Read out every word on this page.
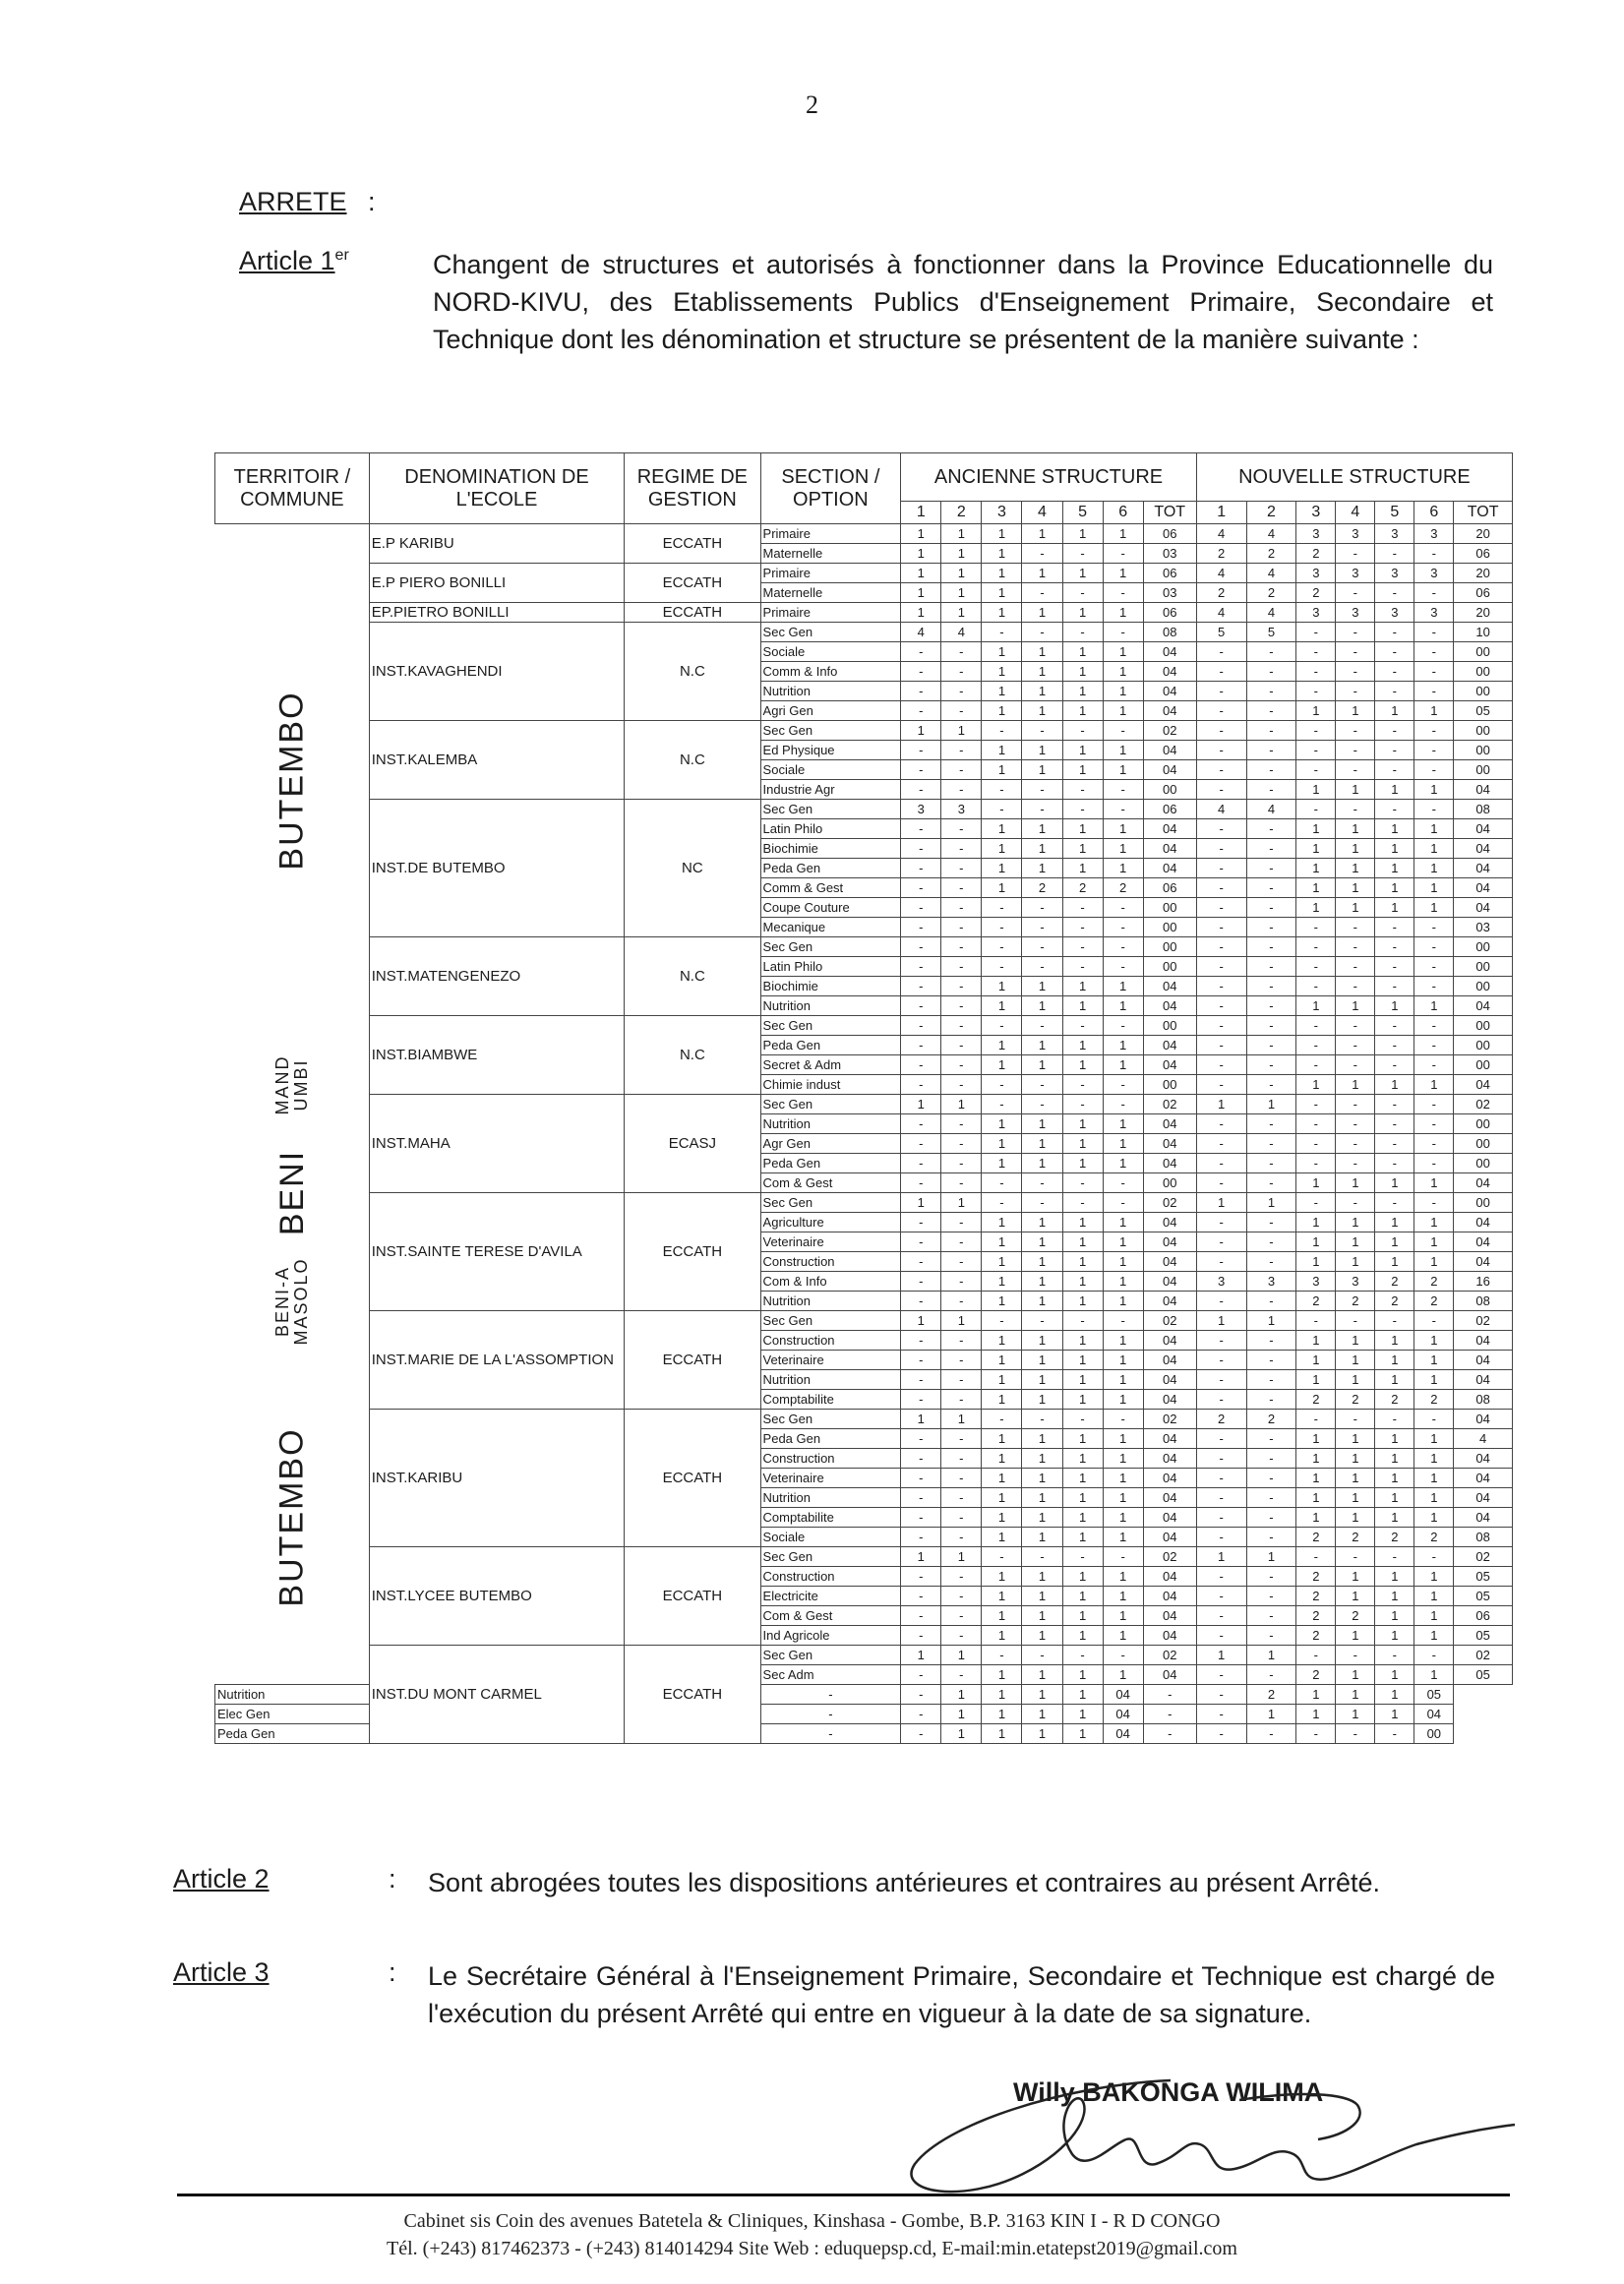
2
ARRETE :
Article 1er	Changent de structures et autorisés à fonctionner dans la Province Educationnelle du NORD-KIVU, des Etablissements Publics d'Enseignement Primaire, Secondaire et Technique dont les dénomination et structure se présentent de la manière suivante :
TERRITOIR / COMMUNE	DENOMINATION DE L'ECOLE	REGIME DE GESTION	SECTION / OPTION	ANCIENNE STRUCTURE							NOUVELLE STRUCTURE						
				1	2	3	4	5	6	TOT	1	2	3	4	5	6	TOT

BUTEMBO	E.P KARIBU	ECCATH	Primaire	1	1	1	1	1	1	06	4	4	3	3	3	3	20
			Maternelle	1	1	1	-	-	-	03	2	2	2	-	-	-	06
	E.P PIERO BONILLI	ECCATH	Primaire	1	1	1	1	1	1	06	4	4	3	3	3	3	20
			Maternelle	1	1	1	-	-	-	03	2	2	2	-	-	-	06
	EP.PIETRO BONILLI	ECCATH	Primaire	1	1	1	1	1	1	06	4	4	3	3	3	3	20
	INST.KAVAGHENDI	N.C	Sec Gen	4	4	-	-	-	-	08	5	5	-	-	-	-	10
			Sociale	-	-	1	1	1	1	04	-	-	-	-	-	-	00
			Comm & Info	-	-	1	1	1	1	04	-	-	-	-	-	-	00
			Nutrition	-	-	1	1	1	1	04	-	-	-	-	-	-	00
			Agri Gen	-	-	1	1	1	1	04	-	-	1	1	1	1	05
	INST.KALEMBA	N.C	Sec Gen	1	1	-	-	-	-	02	-	-	-	-	-	-	00
			Ed Physique	-	-	1	1	1	1	04	-	-	-	-	-	-	00
			Sociale	-	-	1	1	1	1	04	-	-	-	-	-	-	00
			Industrie Agr	-	-	-	-	-	-	00	-	-	1	1	1	1	04
	INST.DE BUTEMBO	NC	Sec Gen	3	3	-	-	-	-	06	4	4	-	-	-	-	08
			Latin Philo	-	-	1	1	1	1	04	-	-	1	1	1	1	04
			Biochimie	-	-	1	1	1	1	04	-	-	1	1	1	1	04
			Peda Gen	-	-	1	1	1	1	04	-	-	1	1	1	1	04
			Comm & Gest	-	-	1	2	2	2	06	-	-	1	1	1	1	04
			Coupe Couture	-	-	-	-	-	-	00	-	-	1	1	1	1	04
			Mecanique	-	-	-	-	-	-	00	-	-	-	-	-	-	03
	INST.MATENGENEZO	N.C	Sec Gen	-	-	-	-	-	-	00	-	-	-	-	-	-	00
			Latin Philo	-	-	-	-	-	-	00	-	-	-	-	-	-	00
			Biochimie	-	-	1	1	1	1	04	-	-	-	-	-	-	00
			Nutrition	-	-	1	1	1	1	04	-	-	1	1	1	1	04
	INST.BIAMBWE	N.C	Sec Gen	-	-	-	-	-	-	00	-	-	-	-	-	-	00

MAND UMBI			Peda Gen	-	-	1	1	1	1	04	-	-	-	-	-	-	00
			Secret & Adm	-	-	1	1	1	1	04	-	-	-	-	-	-	00
			Chimie indust	-	-	-	-	-	-	00	-	-	1	1	1	1	04
	INST.MAHA	ECASJ	Sec Gen	1	1	-	-	-	-	02	1	1	-	-	-	-	02
			Nutrition	-	-	1	1	1	1	04	-	-	-	-	-	-	00

BENI			Agr Gen	-	-	1	1	1	1	04	-	-	-	-	-	-	00
			Peda Gen	-	-	1	1	1	1	04	-	-	-	-	-	-	00
			Com & Gest	-	-	-	-	-	-	00	-	-	1	1	1	1	04
	INST.SAINTE TERESE D'AVILA	ECCATH	Sec Gen	1	1	-	-	-	-	02	1	1	-	-	-	-	00
			Agriculture	-	-	1	1	1	1	04	-	-	1	1	1	1	04
			Veterinaire	-	-	1	1	1	1	04	-	-	1	1	1	1	04

BENI-A MASOLO			Construction	-	-	1	1	1	1	04	-	-	1	1	1	1	04
			Com & Info	-	-	1	1	1	1	04	3	3	3	3	2	2	16
			Nutrition	-	-	1	1	1	1	04	-	-	2	2	2	2	08
	INST.MARIE DE LA L'ASSOMPTION	ECCATH	Sec Gen	1	1	-	-	-	-	02	1	1	-	-	-	-	02
			Construction	-	-	1	1	1	1	04	-	-	1	1	1	1	04

BUTEMBO			Veterinaire	-	-	1	1	1	1	04	-	-	1	1	1	1	04
			Nutrition	-	-	1	1	1	1	04	-	-	1	1	1	1	04
			Comptabilite	-	-	1	1	1	1	04	-	-	2	2	2	2	08
	INST.KARIBU	ECCATH	Sec Gen	1	1	-	-	-	-	02	2	2	-	-	-	-	04
			Peda Gen	-	-	1	1	1	1	04	-	-	1	1	1	1	4
			Construction	-	-	1	1	1	1	04	-	-	1	1	1	1	04
			Veterinaire	-	-	1	1	1	1	04	-	-	1	1	1	1	04
			Nutrition	-	-	1	1	1	1	04	-	-	1	1	1	1	04
			Comptabilite	-	-	1	1	1	1	04	-	-	1	1	1	1	04
			Sociale	-	-	1	1	1	1	04	-	-	2	2	2	2	08
	INST.LYCEE BUTEMBO	ECCATH	Sec Gen	1	1	-	-	-	-	02	1	1	-	-	-	-	02
			Construction	-	-	1	1	1	1	04	-	-	2	1	1	1	05
			Electricite	-	-	1	1	1	1	04	-	-	2	1	1	1	05
			Com & Gest	-	-	1	1	1	1	04	-	-	2	2	1	1	06
			Ind Agricole	-	-	1	1	1	1	04	-	-	2	1	1	1	05
	INST.DU MONT CARMEL	ECCATH	Sec Gen	1	1	-	-	-	-	02	1	1	-	-	-	-	02
			Sec Adm	-	-	1	1	1	1	04	-	-	2	1	1	1	05
Nutrition			-	-	1	1	1	1	04	-	-	2	1	1	1	05	
Elec Gen			-	-	1	1	1	1	04	-	-	1	1	1	1	04	
Peda Gen			-	-	1	1	1	1	04	-	-	-	-	-	-	00	
Article 2	: Sont abrogées toutes les dispositions antérieures et contraires au présent Arrêté.
Article 3	: Le Secrétaire Général à l'Enseignement Primaire, Secondaire et Technique est chargé de l'exécution du présent Arrêté qui entre en vigueur à la date de sa signature.
Willy BAKONGA WILIMA
Cabinet sis Coin des avenues Batetela & Cliniques, Kinshasa - Gombe, B.P. 3163 KIN I - R D CONGO
Tél. (+243) 817462373 - (+243) 814014294 Site Web : eduquepsp.cd, E-mail:min.etatepst2019@gmail.com
